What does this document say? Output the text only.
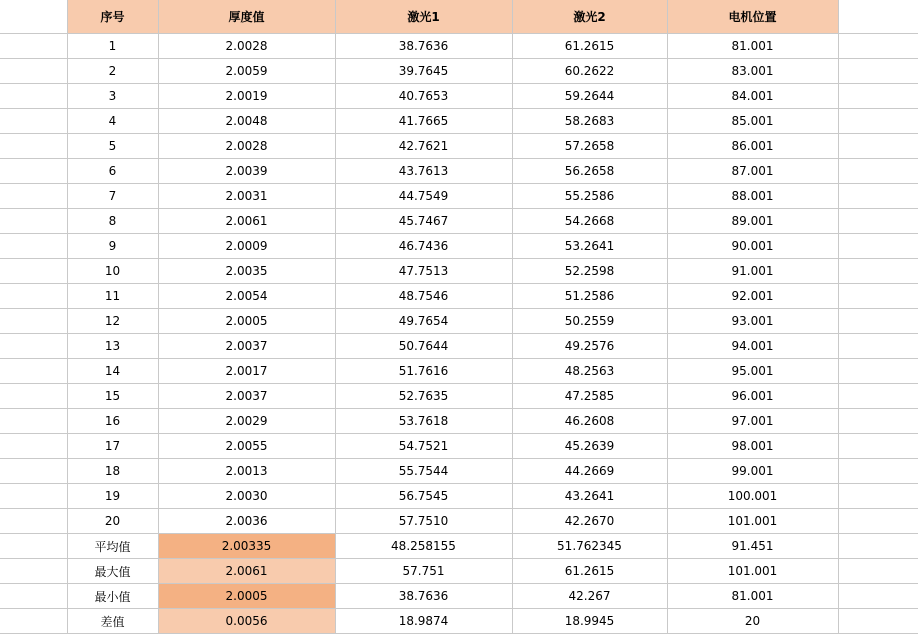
	序号	厚度值	激光1	激光2	电机位置	
	1	2.0028	38.7636	61.2615	81.001	
	2	2.0059	39.7645	60.2622	83.001	
	3	2.0019	40.7653	59.2644	84.001	
	4	2.0048	41.7665	58.2683	85.001	
	5	2.0028	42.7621	57.2658	86.001	
	6	2.0039	43.7613	56.2658	87.001	
	7	2.0031	44.7549	55.2586	88.001	
	8	2.0061	45.7467	54.2668	89.001	
	9	2.0009	46.7436	53.2641	90.001	
	10	2.0035	47.7513	52.2598	91.001	
	11	2.0054	48.7546	51.2586	92.001	
	12	2.0005	49.7654	50.2559	93.001	
	13	2.0037	50.7644	49.2576	94.001	
	14	2.0017	51.7616	48.2563	95.001	
	15	2.0037	52.7635	47.2585	96.001	
	16	2.0029	53.7618	46.2608	97.001	
	17	2.0055	54.7521	45.2639	98.001	
	18	2.0013	55.7544	44.2669	99.001	
	19	2.0030	56.7545	43.2641	100.001	
	20	2.0036	57.7510	42.2670	101.001	
	平均值	2.00335	48.258155	51.762345	91.451	
	最大值	2.0061	57.751	61.2615	101.001	
	最小值	2.0005	38.7636	42.267	81.001	
	差值	0.0056	18.9874	18.9945	20	
